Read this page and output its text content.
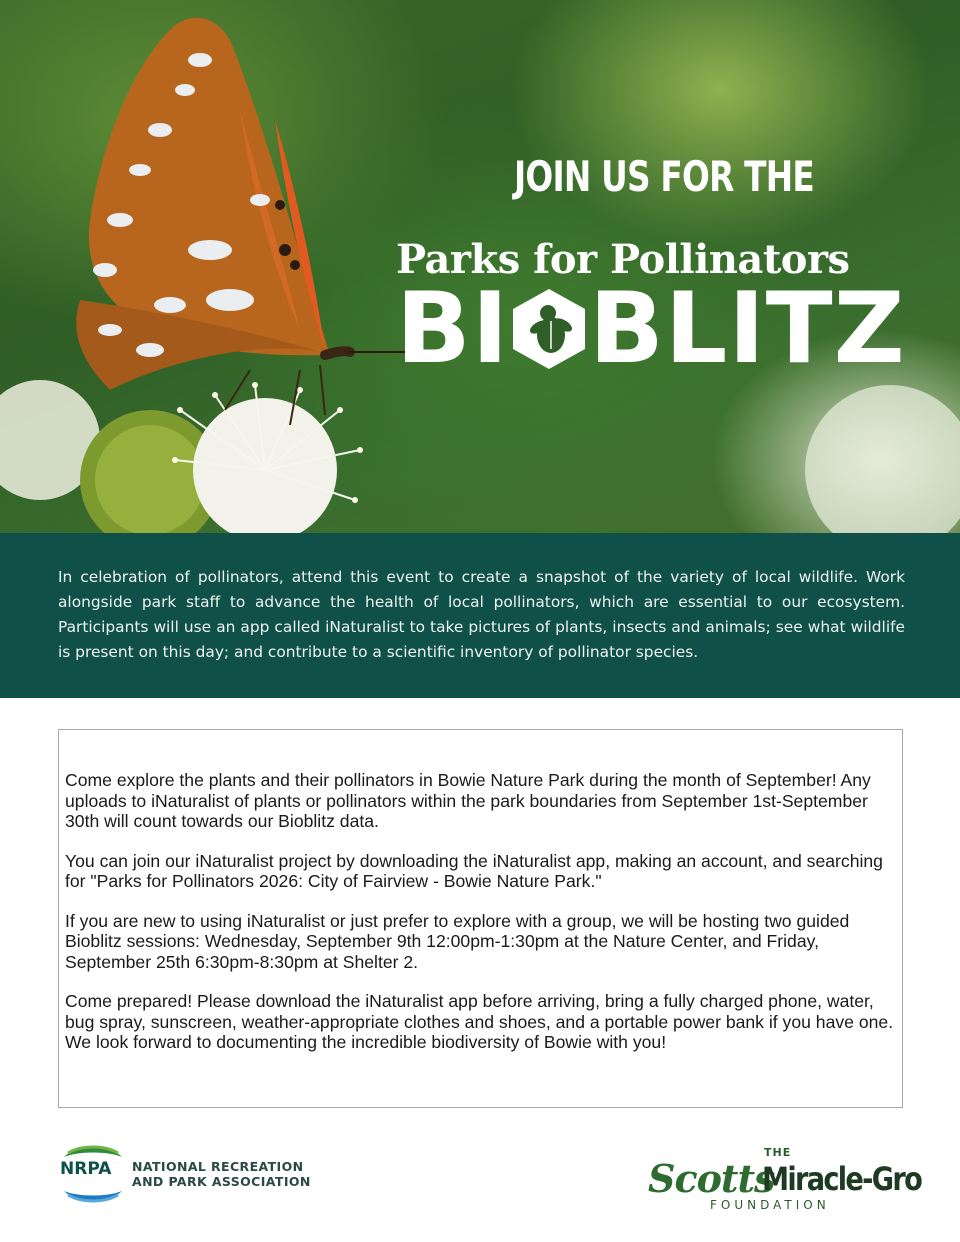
JOIN US FOR THE
Parks for Pollinators
BI BLITZ
In celebration of pollinators, attend this event to create a snapshot of the variety of local wildlife. Work alongside park staff to advance the health of local pollinators, which are essential to our ecosystem. Participants will use an app called iNaturalist to take pictures of plants, insects and animals; see what wildlife is present on this day; and contribute to a scientific inventory of pollinator species.

Come explore the plants and their pollinators in Bowie Nature Park during the month of September! Any uploads to iNaturalist of plants or pollinators within the park boundaries from September 1st-September 30th will count towards our Bioblitz data.

You can join our iNaturalist project by downloading the iNaturalist app, making an account, and searching for "Parks for Pollinators 2026: City of Fairview - Bowie Nature Park."

If you are new to using iNaturalist or just prefer to explore with a group, we will be hosting two guided Bioblitz sessions: Wednesday, September 9th 12:00pm-1:30pm at the Nature Center, and Friday, September 25th 6:30pm-8:30pm at Shelter 2.

Come prepared! Please download the iNaturalist app before arriving, bring a fully charged phone, water, bug spray, sunscreen, weather-appropriate clothes and shoes, and a portable power bank if you have one. We look forward to documenting the incredible biodiversity of Bowie with you!

NRPA NATIONAL RECREATION
AND PARK ASSOCIATION
THE
Scotts
Miracle-Gro
FOUNDATION
